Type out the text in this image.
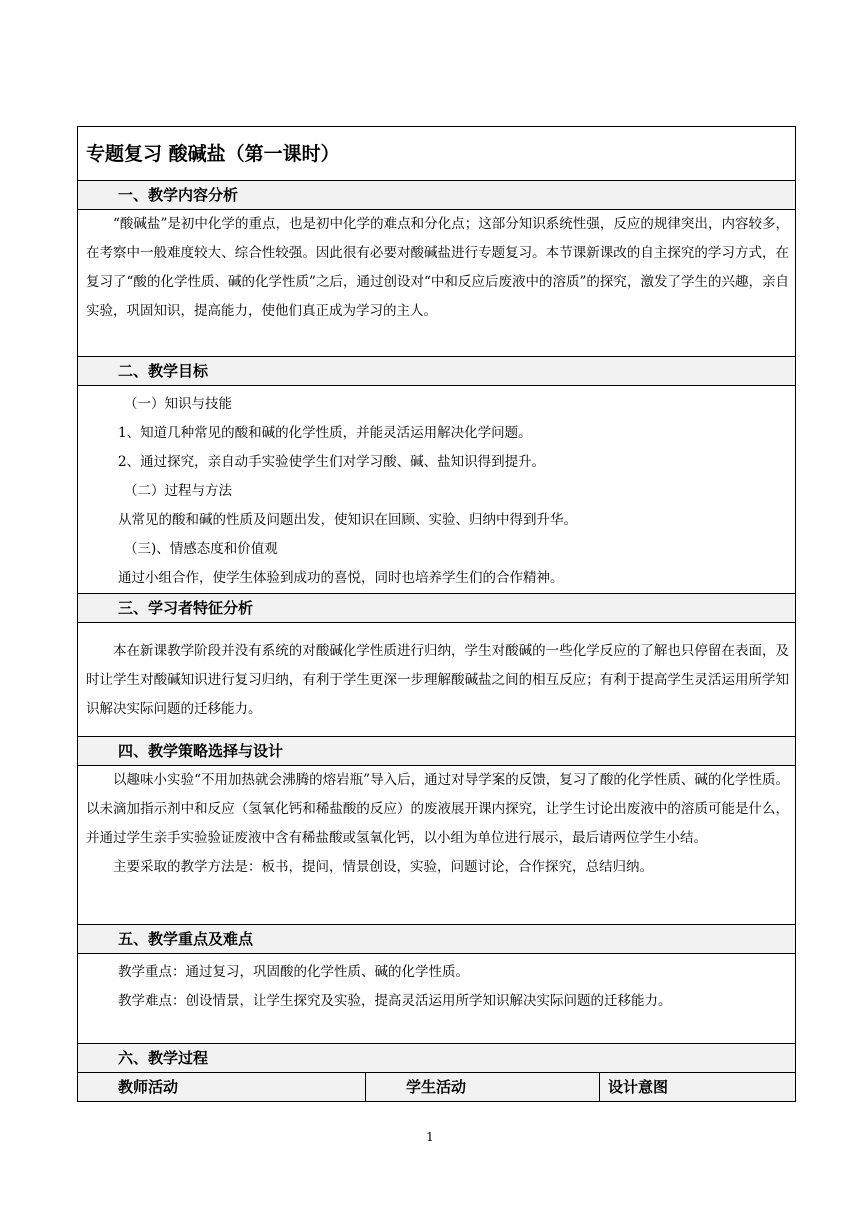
专题复习 酸碱盐（第一课时）
一、教学内容分析

“酸碱盐”是初中化学的重点，也是初中化学的难点和分化点；这部分知识系统性强，反应的规律突出，内容较多，在考察中一般难度较大、综合性较强。因此很有必要对酸碱盐进行专题复习。本节课新课改的自主探究的学习方式，在复习了“酸的化学性质、碱的化学性质”之后，通过创设对“中和反应后废液中的溶质”的探究，激发了学生的兴趣，亲自实验，巩固知识，提高能力，使他们真正成为学习的主人。

二、教学目标

（一）知识与技能

1、知道几种常见的酸和碱的化学性质，并能灵活运用解决化学问题。

2、通过探究，亲自动手实验使学生们对学习酸、碱、盐知识得到提升。

（二）过程与方法

从常见的酸和碱的性质及问题出发，使知识在回顾、实验、归纳中得到升华。

（三)、情感态度和价值观

通过小组合作，使学生体验到成功的喜悦，同时也培养学生们的合作精神。

三、学习者特征分析

本在新课教学阶段并没有系统的对酸碱化学性质进行归纳，学生对酸碱的一些化学反应的了解也只停留在表面，及时让学生对酸碱知识进行复习归纳，有利于学生更深一步理解酸碱盐之间的相互反应；有利于提高学生灵活运用所学知识解决实际问题的迁移能力。

四、教学策略选择与设计

以趣味小实验“不用加热就会沸腾的熔岩瓶”导入后，通过对导学案的反馈，复习了酸的化学性质、碱的化学性质。以未滴加指示剂中和反应（氢氧化钙和稀盐酸的反应）的废液展开课内探究，让学生讨论出废液中的溶质可能是什么，并通过学生亲手实验验证废液中含有稀盐酸或氢氧化钙，以小组为单位进行展示，最后请两位学生小结。

主要采取的教学方法是：板书，提问，情景创设，实验，问题讨论，合作探究，总结归纳。

五、教学重点及难点

教学重点：通过复习，巩固酸的化学性质、碱的化学性质。

教学难点：创设情景，让学生探究及实验，提高灵活运用所学知识解决实际问题的迁移能力。

六、教学过程
教师活动	学生活动	设计意图
1
